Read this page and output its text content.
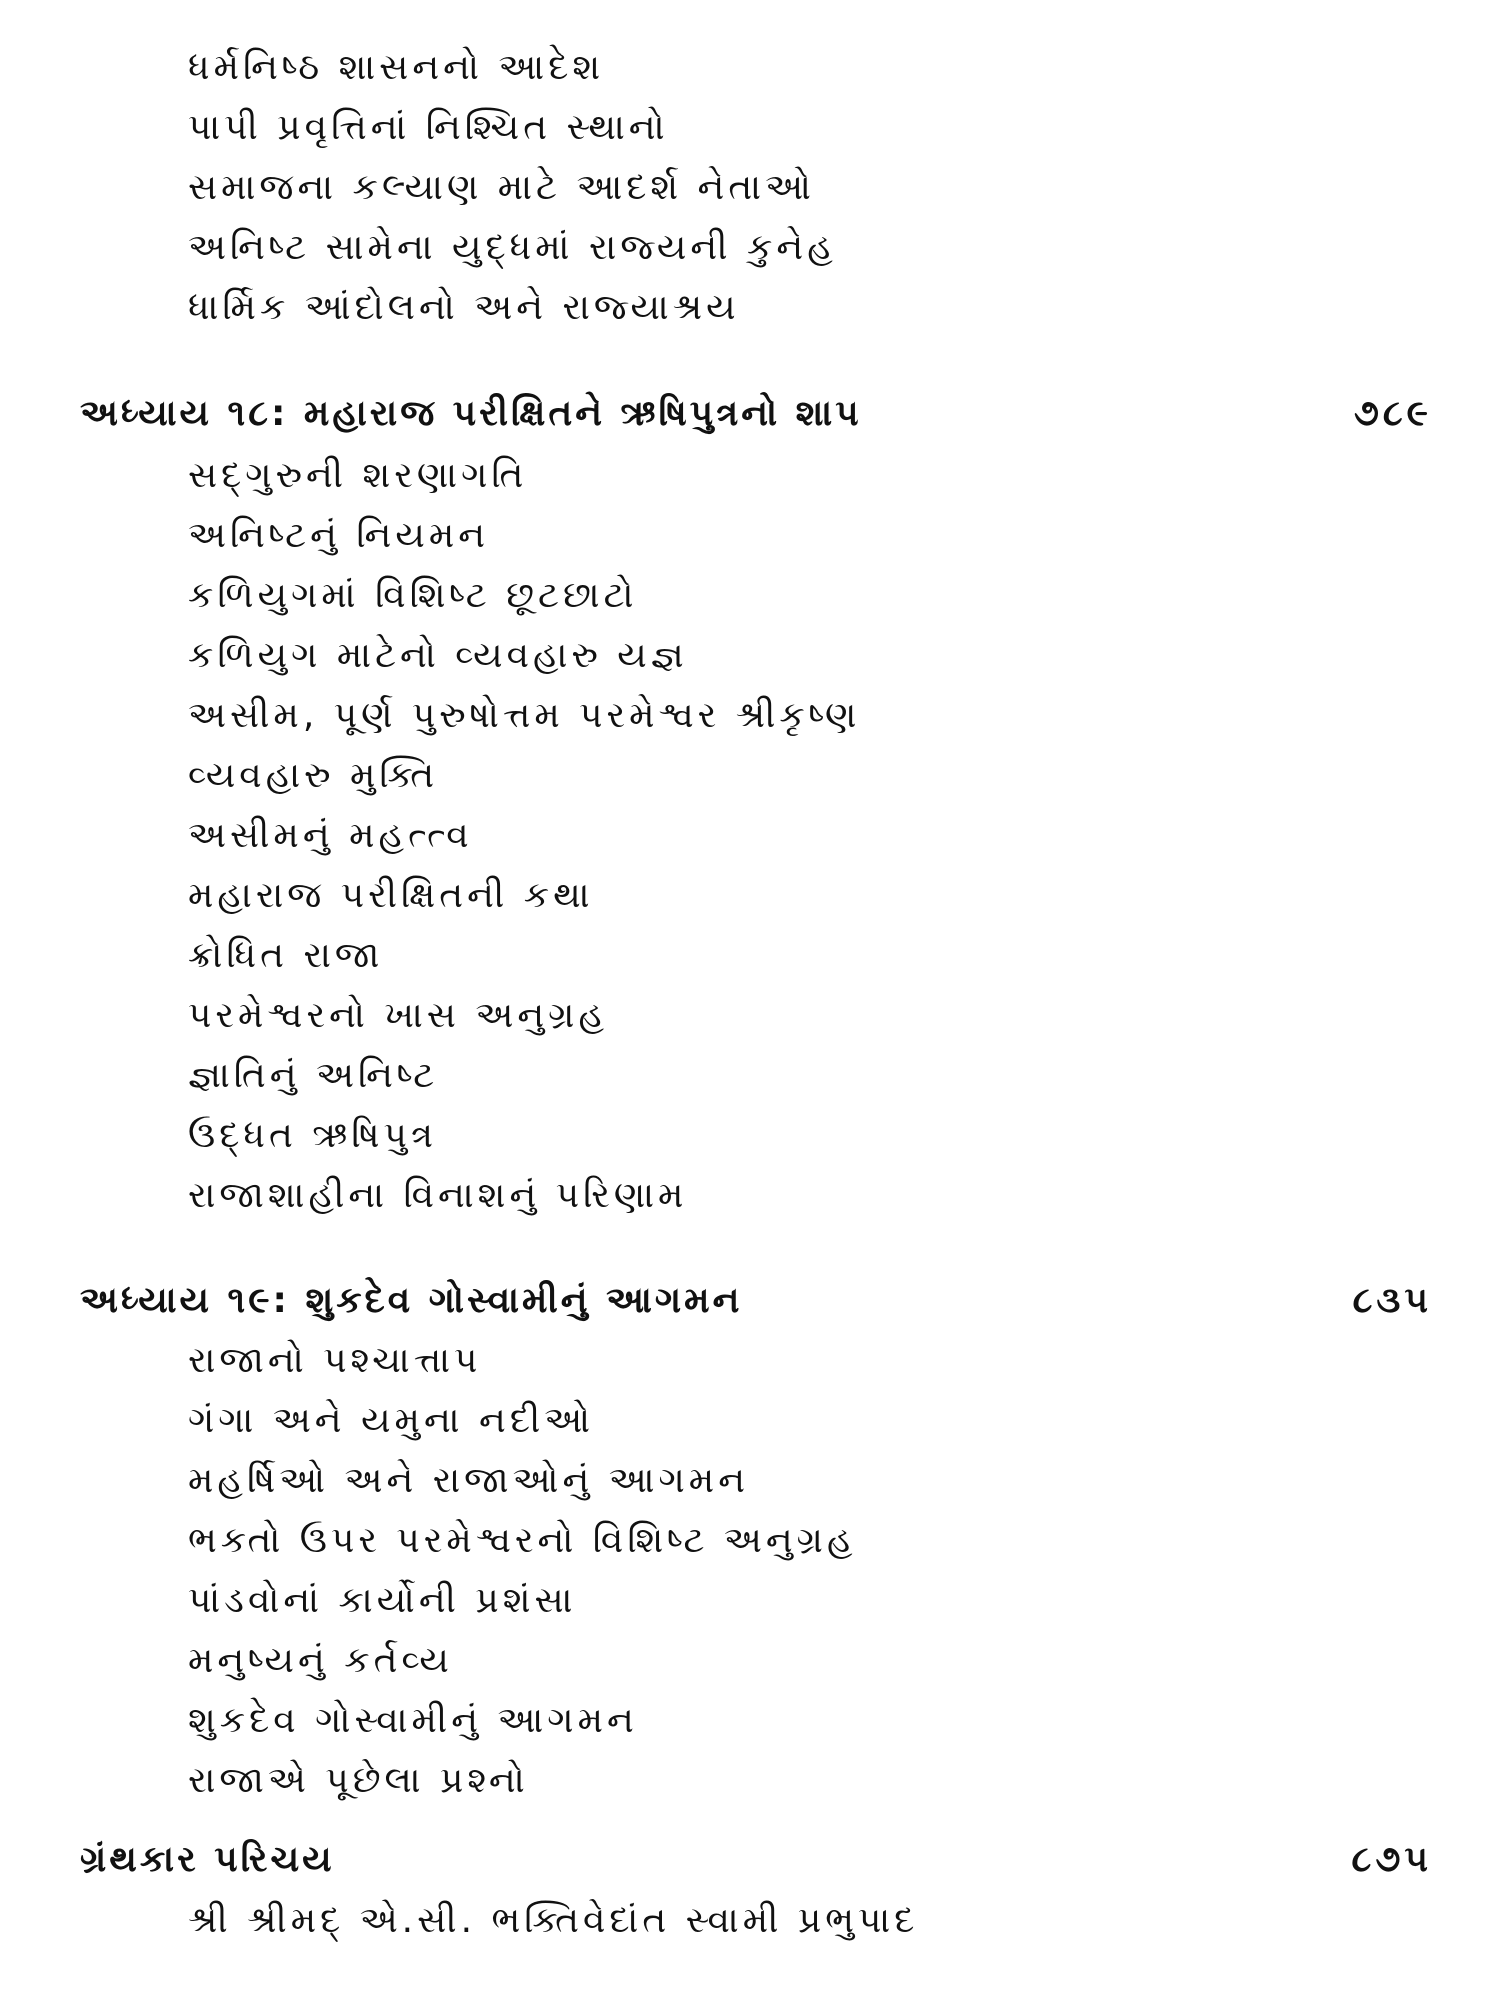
ધર્મનિષ્ઠ શાસનનો આદેશ
પાપી પ્રવૃત્તિનાં નિશ્ચિત સ્થાનો
સમાજના કલ્યાણ માટે આદર્શ નેતાઓ
અનિષ્ટ સામેના યુદ્ધમાં રાજ્યની કુનેહ
ધાર્મિક આંદોલનો અને રાજ્યાશ્રય
અધ્યાય ૧૮: મહારાજ પરીક્ષિતને ઋષિપુત્રનો શાપ	૭૮૯
સદ્‌ગુરુની શરણાગતિ
અનિષ્ટનું નિયમન
કળિયુગમાં વિશિષ્ટ છૂટછાટો
કળિયુગ માટેનો વ્યવહારુ યજ્ઞ
અસીમ, પૂર્ણ પુરુષોત્તમ પરમેશ્વર શ્રીકૃષ્ણ
વ્યવહારુ મુક્તિ
અસીમનું મહત્ત્વ
મહારાજ પરીક્ષિતની કથા
ક્રોધિત રાજા
પરમેશ્વરનો ખાસ અનુગ્રહ
જ્ઞાતિનું અનિષ્ટ
ઉદ્ધત ઋષિપુત્ર
રાજાશાહીના વિનાશનું પરિણામ
અધ્યાય ૧૯: શુકદેવ ગોસ્વામીનું આગમન	૮૩૫
રાજાનો પશ્ચાત્તાપ
ગંગા અને યમુના નદીઓ
મહર્ષિઓ અને રાજાઓનું આગમન
ભક્તો ઉપર પરમેશ્વરનો વિશિષ્ટ અનુગ્રહ
પાંડવોનાં કાર્યોની પ્રશંસા
મનુષ્યનું કર્તવ્ય
શુકદેવ ગોસ્વામીનું આગમન
રાજાએ પૂછેલા પ્રશ્નો
ગ્રંથકાર પરિચય	૮૭૫
શ્રી શ્રીમદ્‌ એ.સી. ભક્તિવેદાંત સ્વામી પ્રભુપાદ
